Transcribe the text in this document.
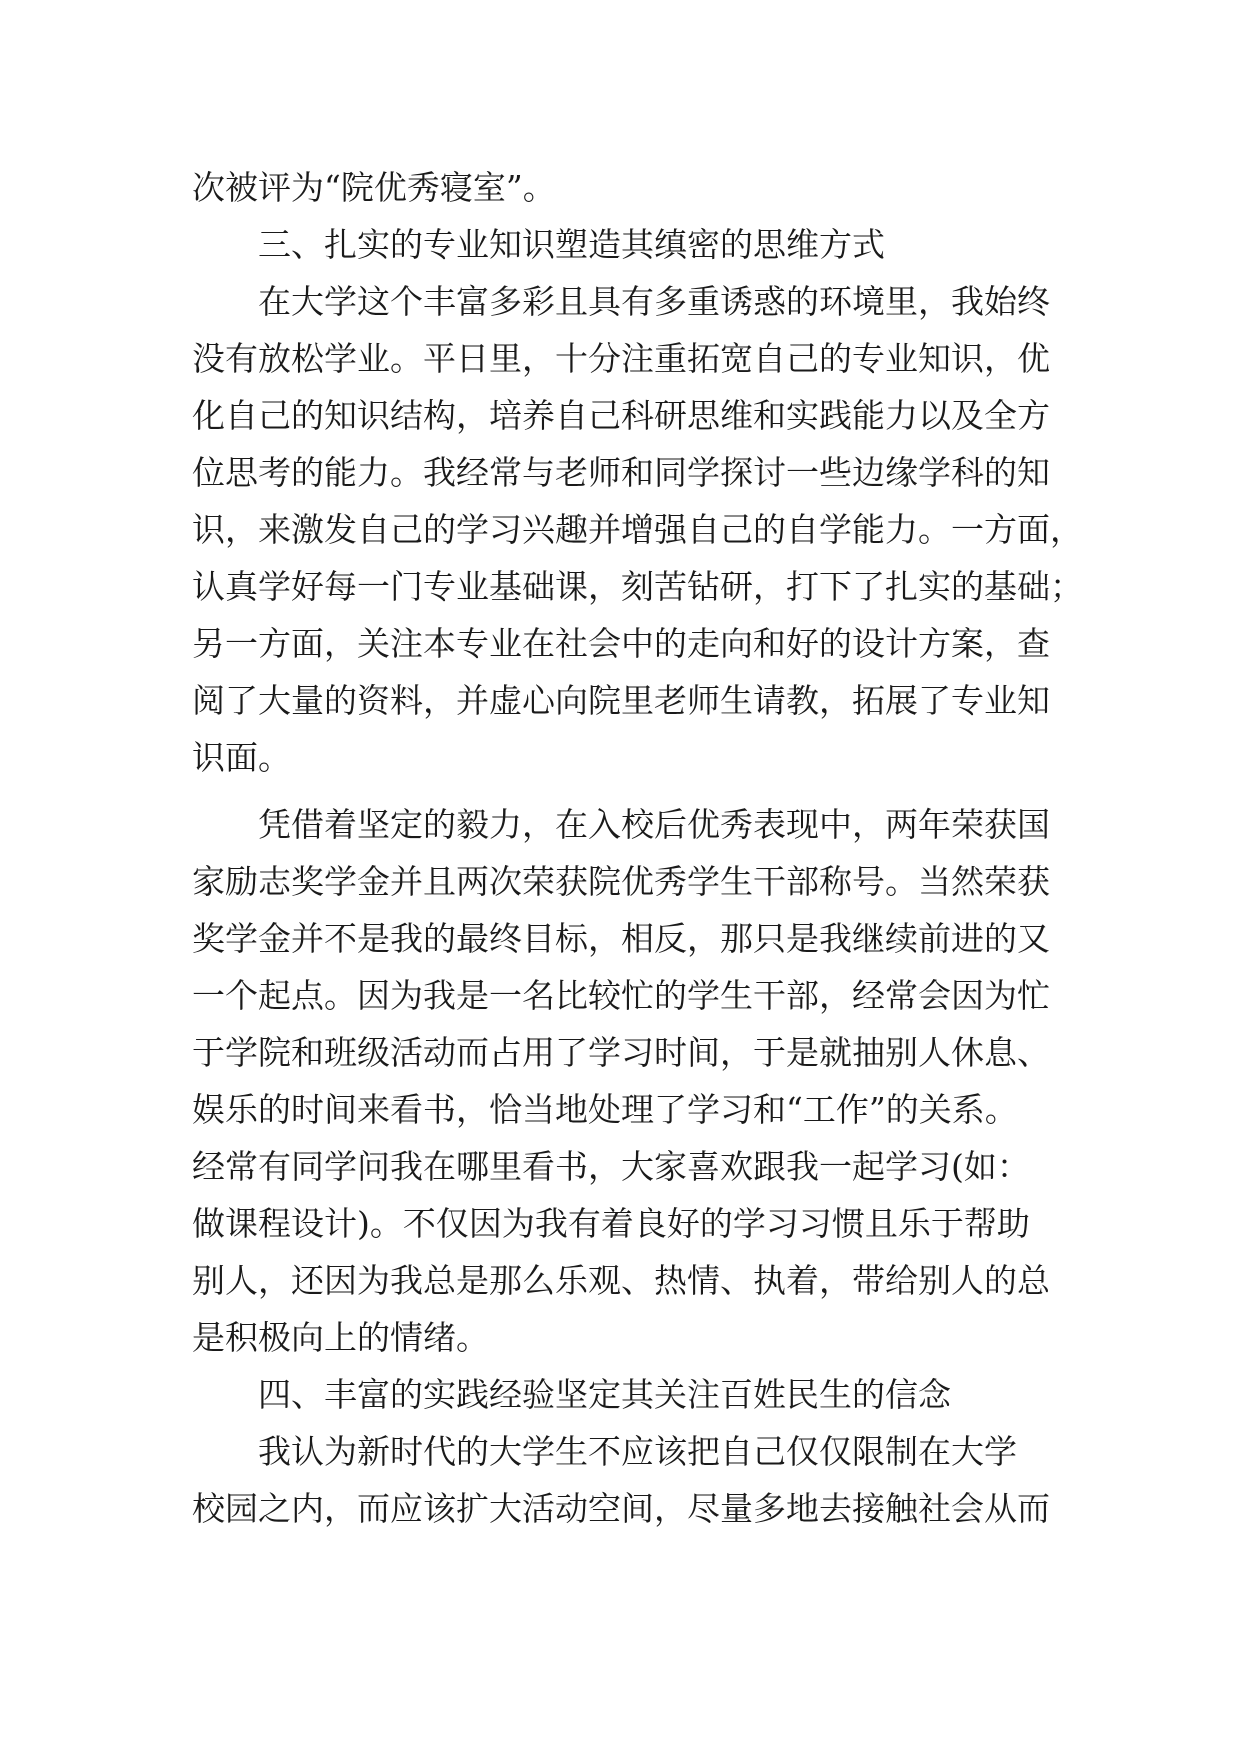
次被评为“院优秀寝室”。

三、扎实的专业知识塑造其缜密的思维方式

在大学这个丰富多彩且具有多重诱惑的环境里，我始终

没有放松学业。平日里，十分注重拓宽自己的专业知识，优

化自己的知识结构，培养自己科研思维和实践能力以及全方

位思考的能力。我经常与老师和同学探讨一些边缘学科的知

识，来激发自己的学习兴趣并增强自己的自学能力。一方面，

认真学好每一门专业基础课，刻苦钻研，打下了扎实的基础；

另一方面，关注本专业在社会中的走向和好的设计方案，查

阅了大量的资料，并虚心向院里老师生请教，拓展了专业知

识面。

凭借着坚定的毅力，在入校后优秀表现中，两年荣获国

家励志奖学金并且两次荣获院优秀学生干部称号。当然荣获

奖学金并不是我的最终目标，相反，那只是我继续前进的又

一个起点。因为我是一名比较忙的学生干部，经常会因为忙

于学院和班级活动而占用了学习时间，于是就抽别人休息、

娱乐的时间来看书，恰当地处理了学习和“工作”的关系。

经常有同学问我在哪里看书，大家喜欢跟我一起学习(如：

做课程设计)。不仅因为我有着良好的学习习惯且乐于帮助

别人，还因为我总是那么乐观、热情、执着，带给别人的总

是积极向上的情绪。

四、丰富的实践经验坚定其关注百姓民生的信念

我认为新时代的大学生不应该把自己仅仅限制在大学

校园之内，而应该扩大活动空间，尽量多地去接触社会从而
